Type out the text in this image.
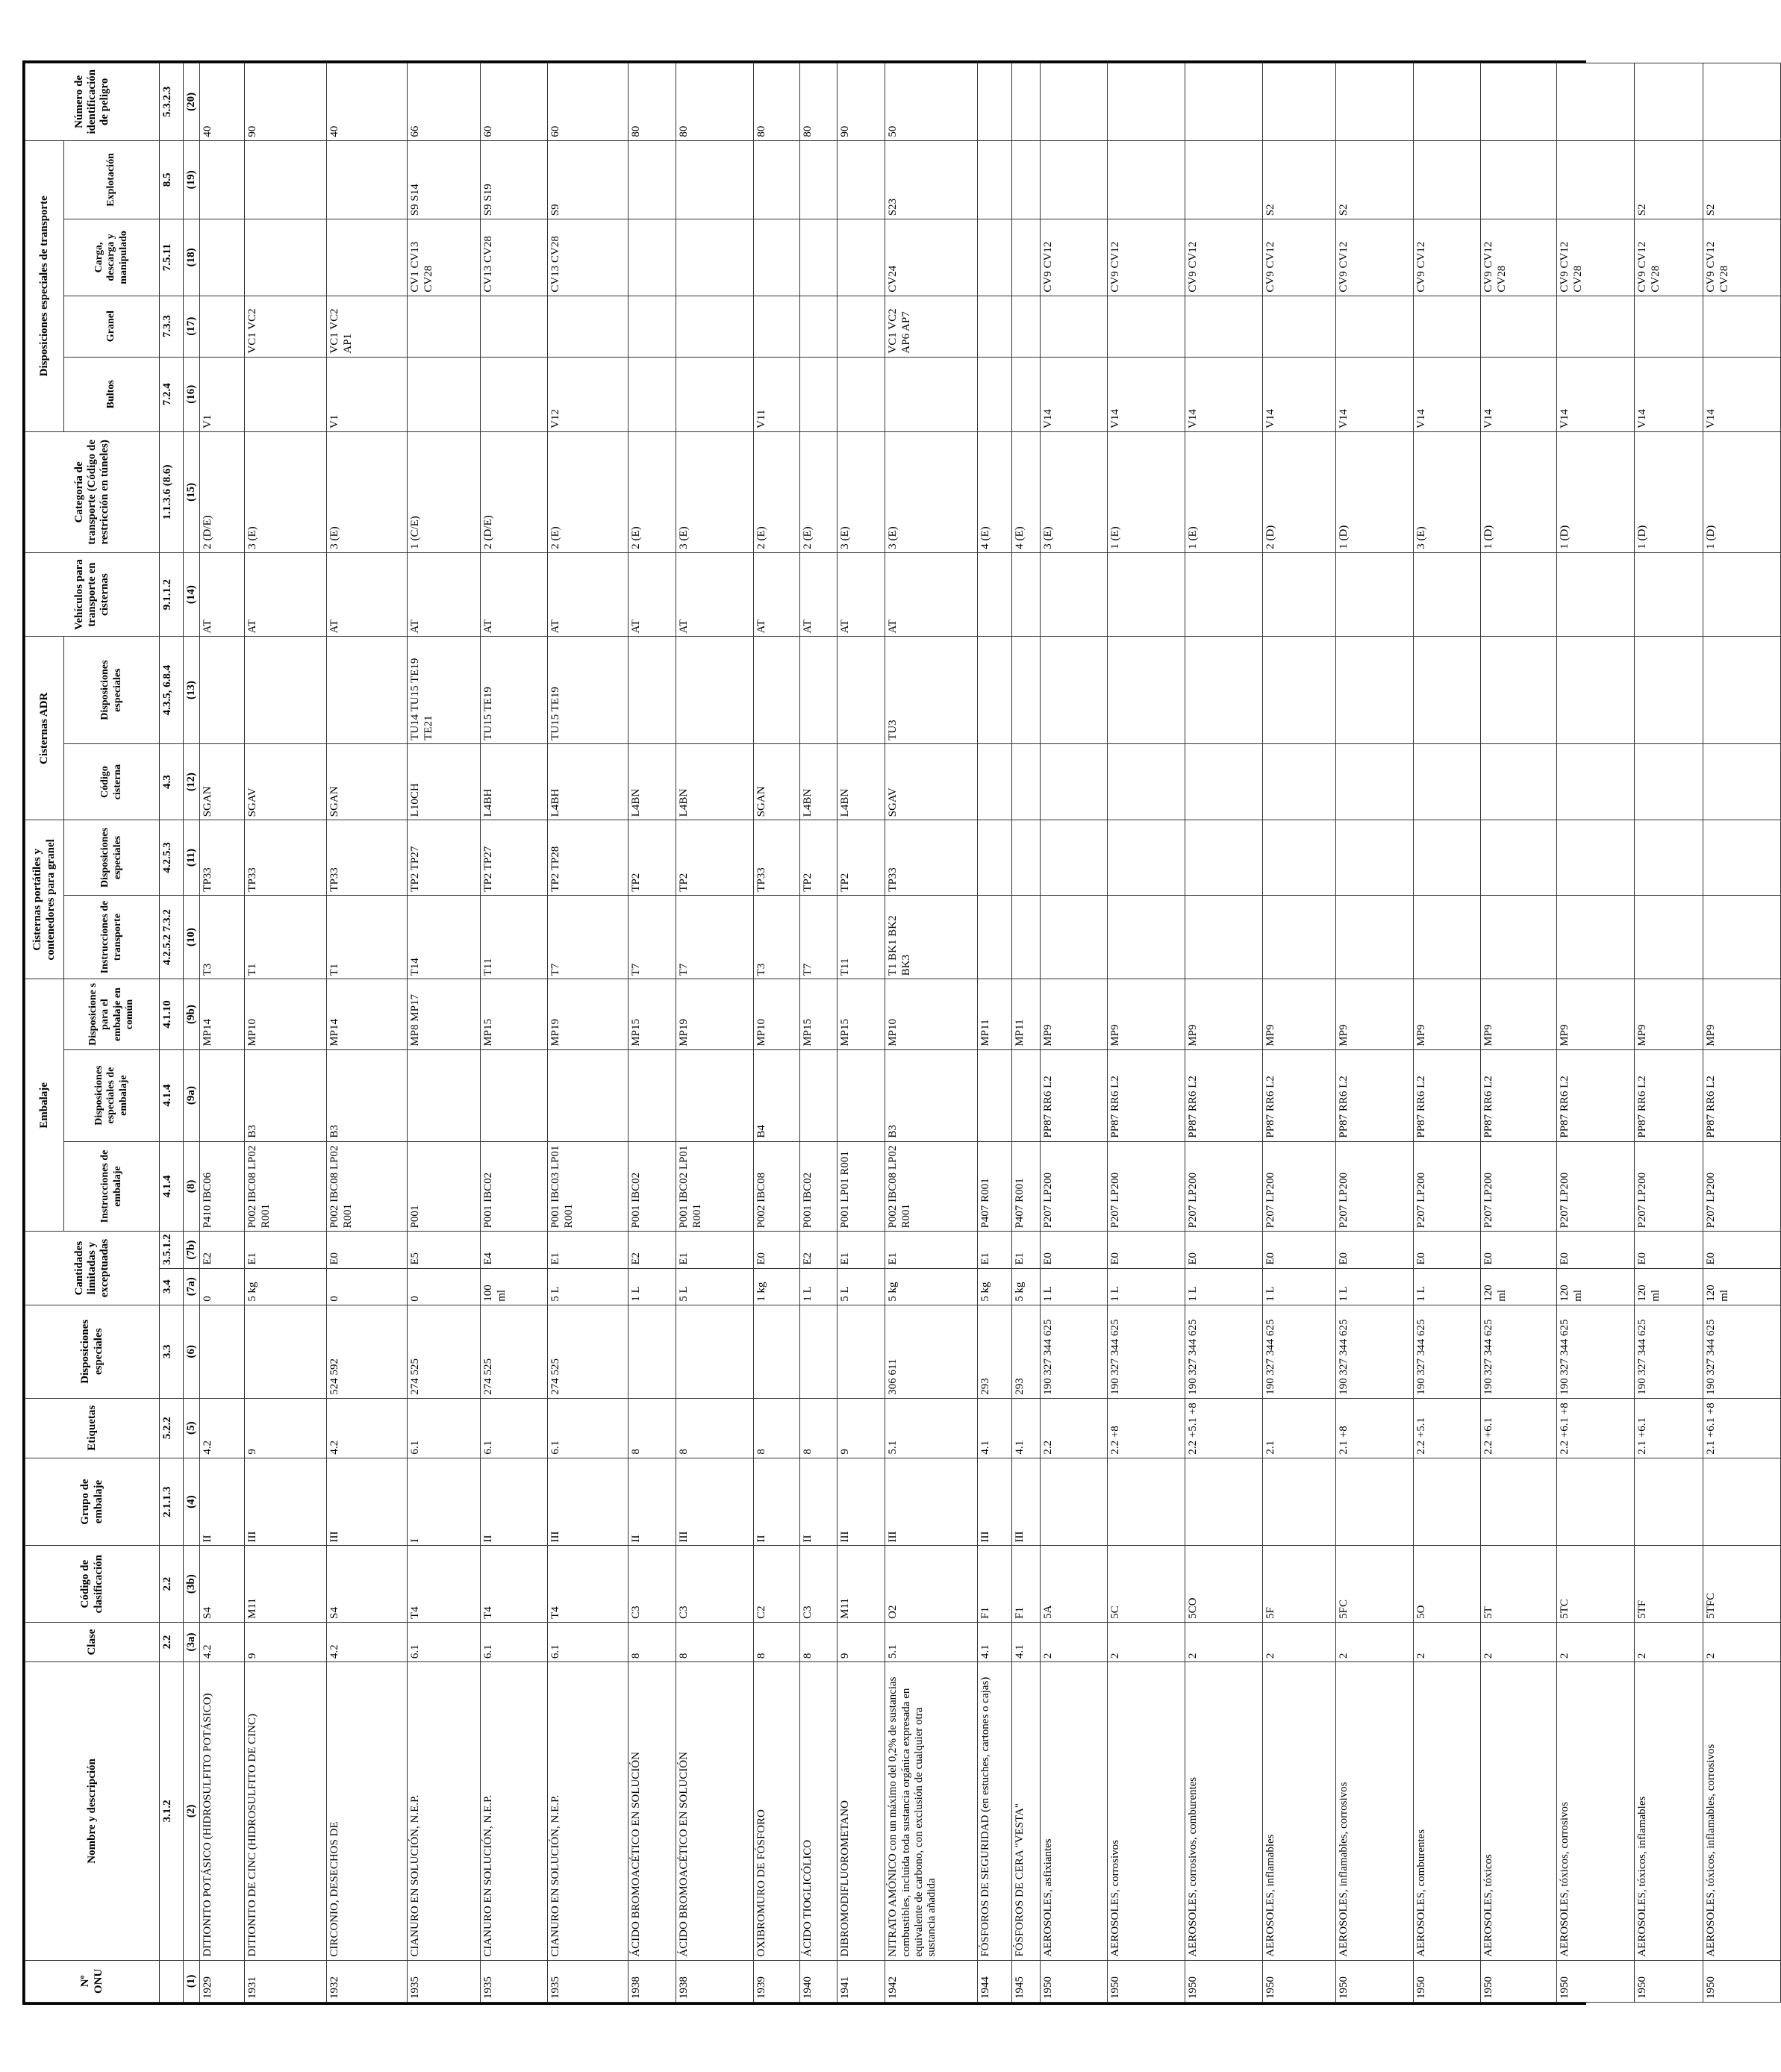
Nº ONU	Nombre y descripción	Clase	Código de clasificación	Grupo de embalaje	Etiquetas	Disposiciones especiales	Cantidades limitadas y exceptuadas		Embalaje			Cisternas portátiles y contenedores para granel		Cisternas ADR		Vehículos para transporte en cisternas	Categoría de transporte (Código de restricción en túneles)	Disposiciones especiales de transporte				Número de identificación de peligro
									Instrucciones de embalaje	Disposiciones especiales de embalaje	Disposicione s para el embalaje en común	Instrucciones de transporte	Disposiciones especiales	Código cisterna	Disposiciones especiales			Bultos	Granel	Carga, descarga y manipulado	Explotación	
	3.1.2	2.2	2.2	2.1.1.3	5.2.2	3.3	3.4	3.5.1.2	4.1.4	4.1.4	4.1.10	4.2.5.2 7.3.2	4.2.5.3	4.3	4.3.5, 6.8.4	9.1.1.2	1.1.3.6 (8.6)	7.2.4	7.3.3	7.5.11	8.5	5.3.2.3
(1)	(2)	(3a)	(3b)	(4)	(5)	(6)	(7a)	(7b)	(8)	(9a)	(9b)	(10)	(11)	(12)	(13)	(14)	(15)	(16)	(17)	(18)	(19)	(20)
1929	DITIONITO POTÁSICO (HIDROSULFITO POTÁSICO)	4.2	S4	II	4.2		0	E2	P410 IBC06		MP14	T3	TP33	SGAN		AT	2 (D/E)	V1				40
1931	DITIONITO DE CINC (HIDROSULFITO DE CINC)	9	M11	III	9		5 kg	E1	P002 IBC08 LP02 R001	B3	MP10	T1	TP33	SGAV		AT	3 (E)		VC1 VC2			90
1932	CIRCONIO, DESECHOS DE	4.2	S4	III	4.2	524 592	0	E0	P002 IBC08 LP02 R001	B3	MP14	T1	TP33	SGAN		AT	3 (E)	V1	VC1 VC2 AP1			40
1935	CIANURO EN SOLUCIÓN, N.E.P.	6.1	T4	I	6.1	274 525	0	E5	P001		MP8 MP17	T14	TP2 TP27	L10CH	TU14 TU15 TE19 TE21	AT	1 (C/E)			CV1 CV13 CV28	S9 S14	66
1935	CIANURO EN SOLUCIÓN, N.E.P.	6.1	T4	II	6.1	274 525	100 ml	E4	P001 IBC02		MP15	T11	TP2 TP27	L4BH	TU15 TE19	AT	2 (D/E)			CV13 CV28	S9 S19	60
1935	CIANURO EN SOLUCIÓN, N.E.P.	6.1	T4	III	6.1	274 525	5 L	E1	P001 IBC03 LP01 R001		MP19	T7	TP2 TP28	L4BH	TU15 TE19	AT	2 (E)	V12		CV13 CV28	S9	60
1938	ÁCIDO BROMOACÉTICO EN SOLUCIÓN	8	C3	II	8		1 L	E2	P001 IBC02		MP15	T7	TP2	L4BN		AT	2 (E)					80
1938	ÁCIDO BROMOACÉTICO EN SOLUCIÓN	8	C3	III	8		5 L	E1	P001 IBC02 LP01 R001		MP19	T7	TP2	L4BN		AT	3 (E)					80
1939	OXIBROMURO DE FÓSFORO	8	C2	II	8		1 kg	E0	P002 IBC08	B4	MP10	T3	TP33	SGAN		AT	2 (E)	V11				80
1940	ÁCIDO TIOGLICÓLICO	8	C3	II	8		1 L	E2	P001 IBC02		MP15	T7	TP2	L4BN		AT	2 (E)					80
1941	DIBROMODIFLUOROMETANO	9	M11	III	9		5 L	E1	P001 LP01 R001		MP15	T11	TP2	L4BN		AT	3 (E)					90
1942	NITRATO AMÓNICO con un máximo del 0,2% de sustancias combustibles, incluida toda sustancia orgánica expresada en equivalente de carbono, con exclusión de cualquier otra sustancia añadida	5.1	O2	III	5.1	306 611	5 kg	E1	P002 IBC08 LP02 R001	B3	MP10	T1 BK1 BK2 BK3	TP33	SGAV	TU3	AT	3 (E)		VC1 VC2 AP6 AP7	CV24	S23	50
1944	FÓSFOROS DE SEGURIDAD (en estuches, cartones o cajas)	4.1	F1	III	4.1	293	5 kg	E1	P407 R001		MP11						4 (E)					
1945	FÓSFOROS DE CERA "VESTA"	4.1	F1	III	4.1	293	5 kg	E1	P407 R001		MP11						4 (E)					
1950	AEROSOLES, asfixiantes	2	5A		2.2	190 327 344 625	1 L	E0	P207 LP200	PP87 RR6 L2	MP9						3 (E)	V14		CV9 CV12		
1950	AEROSOLES, corrosivos	2	5C		2.2 +8	190 327 344 625	1 L	E0	P207 LP200	PP87 RR6 L2	MP9						1 (E)	V14		CV9 CV12		
1950	AEROSOLES, corrosivos, comburentes	2	5CO		2.2 +5.1 +8	190 327 344 625	1 L	E0	P207 LP200	PP87 RR6 L2	MP9						1 (E)	V14		CV9 CV12		
1950	AEROSOLES, inflamables	2	5F		2.1	190 327 344 625	1 L	E0	P207 LP200	PP87 RR6 L2	MP9						2 (D)	V14		CV9 CV12	S2	
1950	AEROSOLES, inflamables, corrosivos	2	5FC		2.1 +8	190 327 344 625	1 L	E0	P207 LP200	PP87 RR6 L2	MP9						1 (D)	V14		CV9 CV12	S2	
1950	AEROSOLES, comburentes	2	5O		2.2 +5.1	190 327 344 625	1 L	E0	P207 LP200	PP87 RR6 L2	MP9						3 (E)	V14		CV9 CV12		
1950	AEROSOLES, tóxicos	2	5T		2.2 +6.1	190 327 344 625	120 ml	E0	P207 LP200	PP87 RR6 L2	MP9						1 (D)	V14		CV9 CV12 CV28		
1950	AEROSOLES, tóxicos, corrosivos	2	5TC		2.2 +6.1 +8	190 327 344 625	120 ml	E0	P207 LP200	PP87 RR6 L2	MP9						1 (D)	V14		CV9 CV12 CV28		
1950	AEROSOLES, tóxicos, inflamables	2	5TF		2.1 +6.1	190 327 344 625	120 ml	E0	P207 LP200	PP87 RR6 L2	MP9						1 (D)	V14		CV9 CV12 CV28	S2	
1950	AEROSOLES, tóxicos, inflamables, corrosivos	2	5TFC		2.1 +6.1 +8	190 327 344 625	120 ml	E0	P207 LP200	PP87 RR6 L2	MP9						1 (D)	V14		CV9 CV12 CV28	S2	
